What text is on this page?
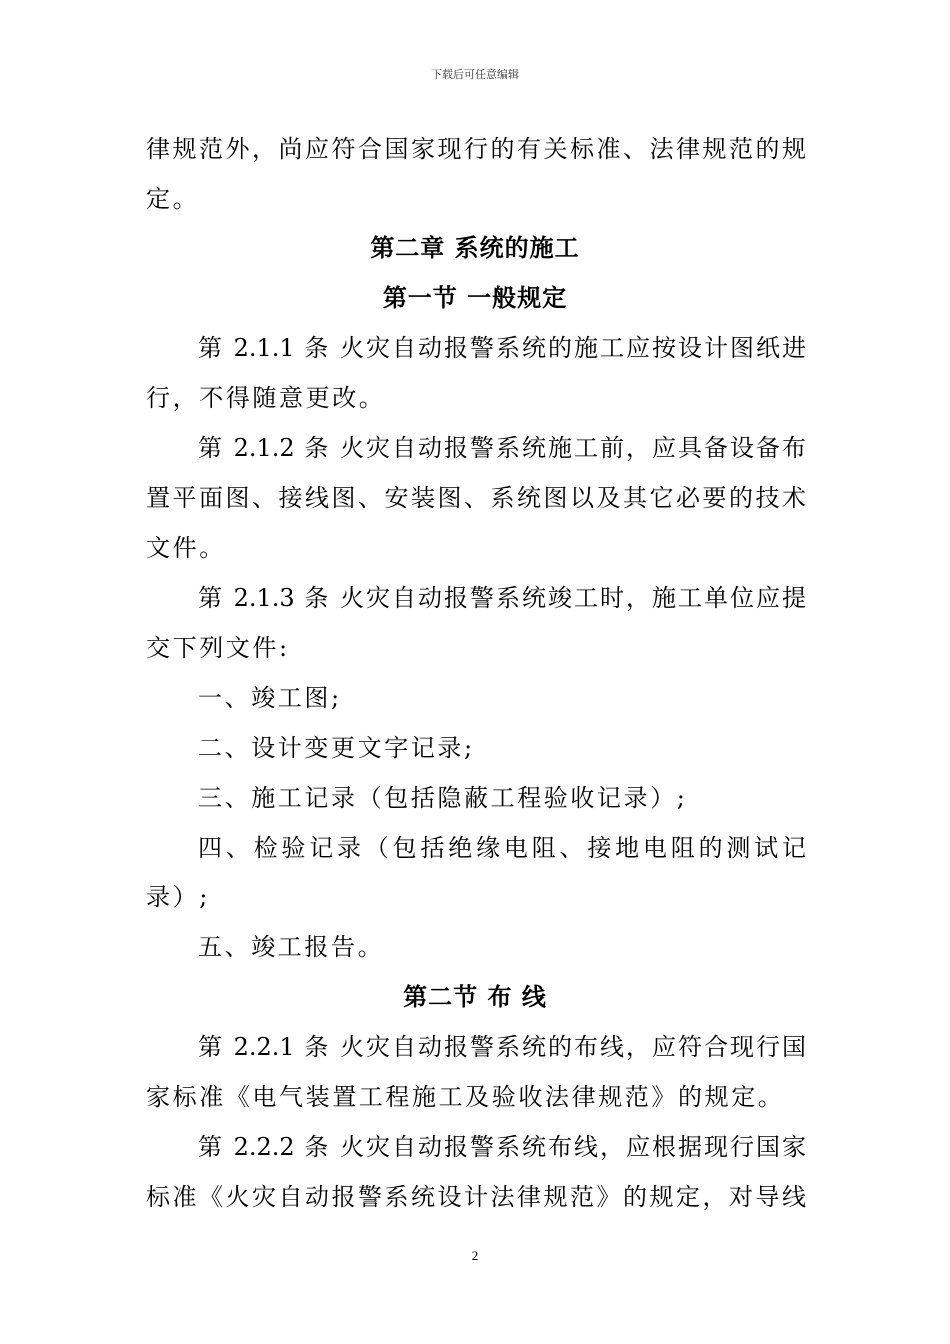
下载后可任意编辑
律规范外，尚应符合国家现行的有关标准、法律规范的规
定。
第二章 系统的施工
第一节 一般规定
第 2.1.1 条 火灾自动报警系统的施工应按设计图纸进
行，不得随意更改。
第 2.1.2 条 火灾自动报警系统施工前，应具备设备布
置平面图、接线图、安装图、系统图以及其它必要的技术
文件。
第 2.1.3 条 火灾自动报警系统竣工时，施工单位应提
交下列文件:
一、竣工图;
二、设计变更文字记录;
三、施工记录（包括隐蔽工程验收记录）;
四、检验记录（包括绝缘电阻、接地电阻的测试记
录）;
五、竣工报告。
第二节 布 线
第 2.2.1 条 火灾自动报警系统的布线，应符合现行国
家标准《电气装置工程施工及验收法律规范》的规定。
第 2.2.2 条 火灾自动报警系统布线，应根据现行国家
标准《火灾自动报警系统设计法律规范》的规定，对导线
2
